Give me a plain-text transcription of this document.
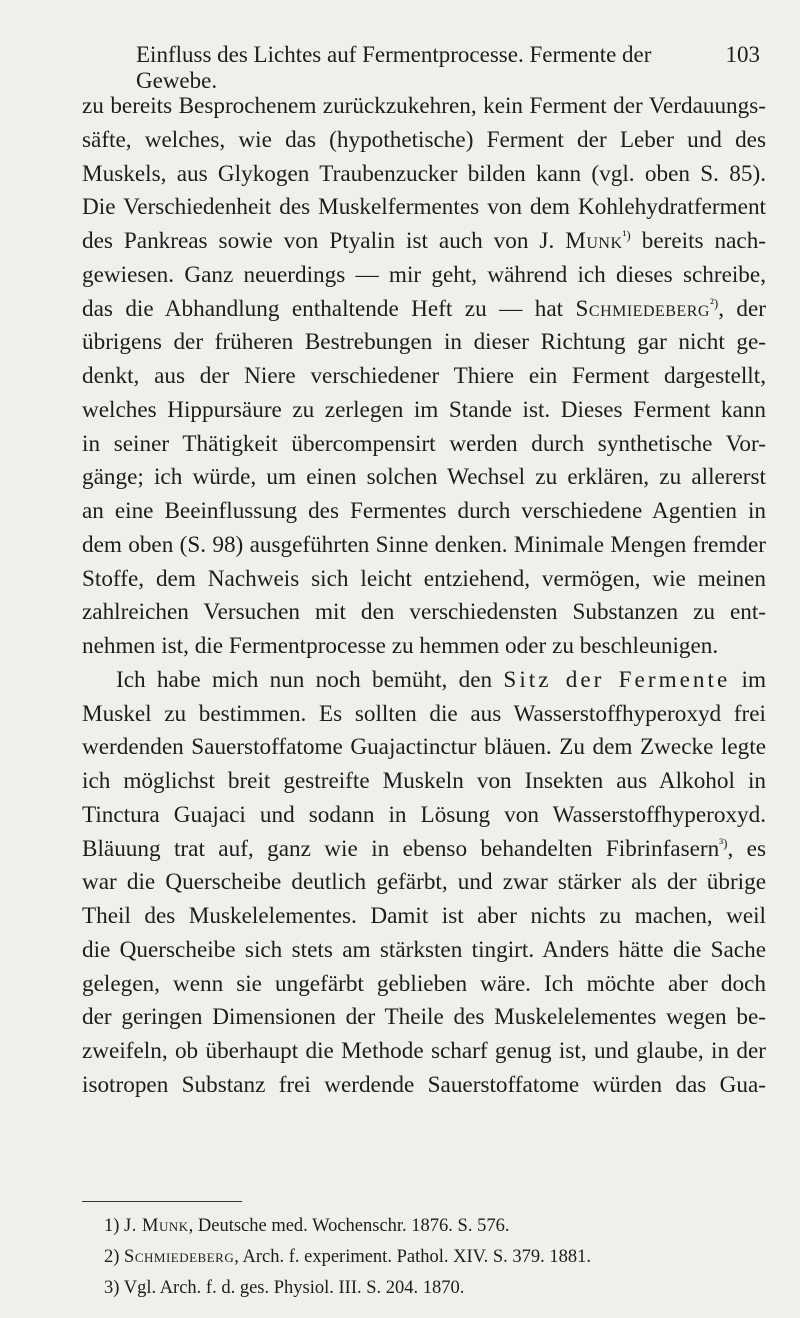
Einfluss des Lichtes auf Fermentprocesse. Fermente der Gewebe.
103
zu bereits Besprochenem zurückzukehren, kein Ferment der Verdauungs-
säfte, welches, wie das (hypothetische) Ferment der Leber und des
Muskels, aus Glykogen Traubenzucker bilden kann (vgl. oben S. 85).
Die Verschiedenheit des Muskelfermentes von dem Kohlehydratferment
des Pankreas sowie von Ptyalin ist auch von J. Munk$^{^1)}$ bereits nach-
gewiesen. Ganz neuerdings — mir geht, während ich dieses schreibe,
das die Abhandlung enthaltende Heft zu — hat Schmiedeberg$^{^2)}$, der
übrigens der früheren Bestrebungen in dieser Richtung gar nicht ge-
denkt, aus der Niere verschiedener Thiere ein Ferment dargestellt,
welches Hippursäure zu zerlegen im Stande ist. Dieses Ferment kann
in seiner Thätigkeit übercompensirt werden durch synthetische Vor-
gänge; ich würde, um einen solchen Wechsel zu erklären, zu allererst
an eine Beeinflussung des Fermentes durch verschiedene Agentien in
dem oben (S. 98) ausgeführten Sinne denken. Minimale Mengen fremder
Stoffe, dem Nachweis sich leicht entziehend, vermögen, wie meinen
zahlreichen Versuchen mit den verschiedensten Substanzen zu ent-
nehmen ist, die Fermentprocesse zu hemmen oder zu beschleunigen.
Ich habe mich nun noch bemüht, den Sitz der Fermente im
Muskel zu bestimmen. Es sollten die aus Wasserstoffhyperoxyd frei
werdenden Sauerstoffatome Guajactinctur bläuen. Zu dem Zwecke legte
ich möglichst breit gestreifte Muskeln von Insekten aus Alkohol in
Tinctura Guajaci und sodann in Lösung von Wasserstoffhyperoxyd.
Bläuung trat auf, ganz wie in ebenso behandelten Fibrinfasern$^{^3)}$, es
war die Querscheibe deutlich gefärbt, und zwar stärker als der übrige
Theil des Muskelelementes. Damit ist aber nichts zu machen, weil
die Querscheibe sich stets am stärksten tingirt. Anders hätte die Sache
gelegen, wenn sie ungefärbt geblieben wäre. Ich möchte aber doch
der geringen Dimensionen der Theile des Muskelelementes wegen be-
zweifeln, ob überhaupt die Methode scharf genug ist, und glaube, in der
isotropen Substanz frei werdende Sauerstoffatome würden das Gua-
1) J. Munk, Deutsche med. Wochenschr. 1876. S. 576.
2) Schmiedeberg, Arch. f. experiment. Pathol. XIV. S. 379. 1881.
3) Vgl. Arch. f. d. ges. Physiol. III. S. 204. 1870.
